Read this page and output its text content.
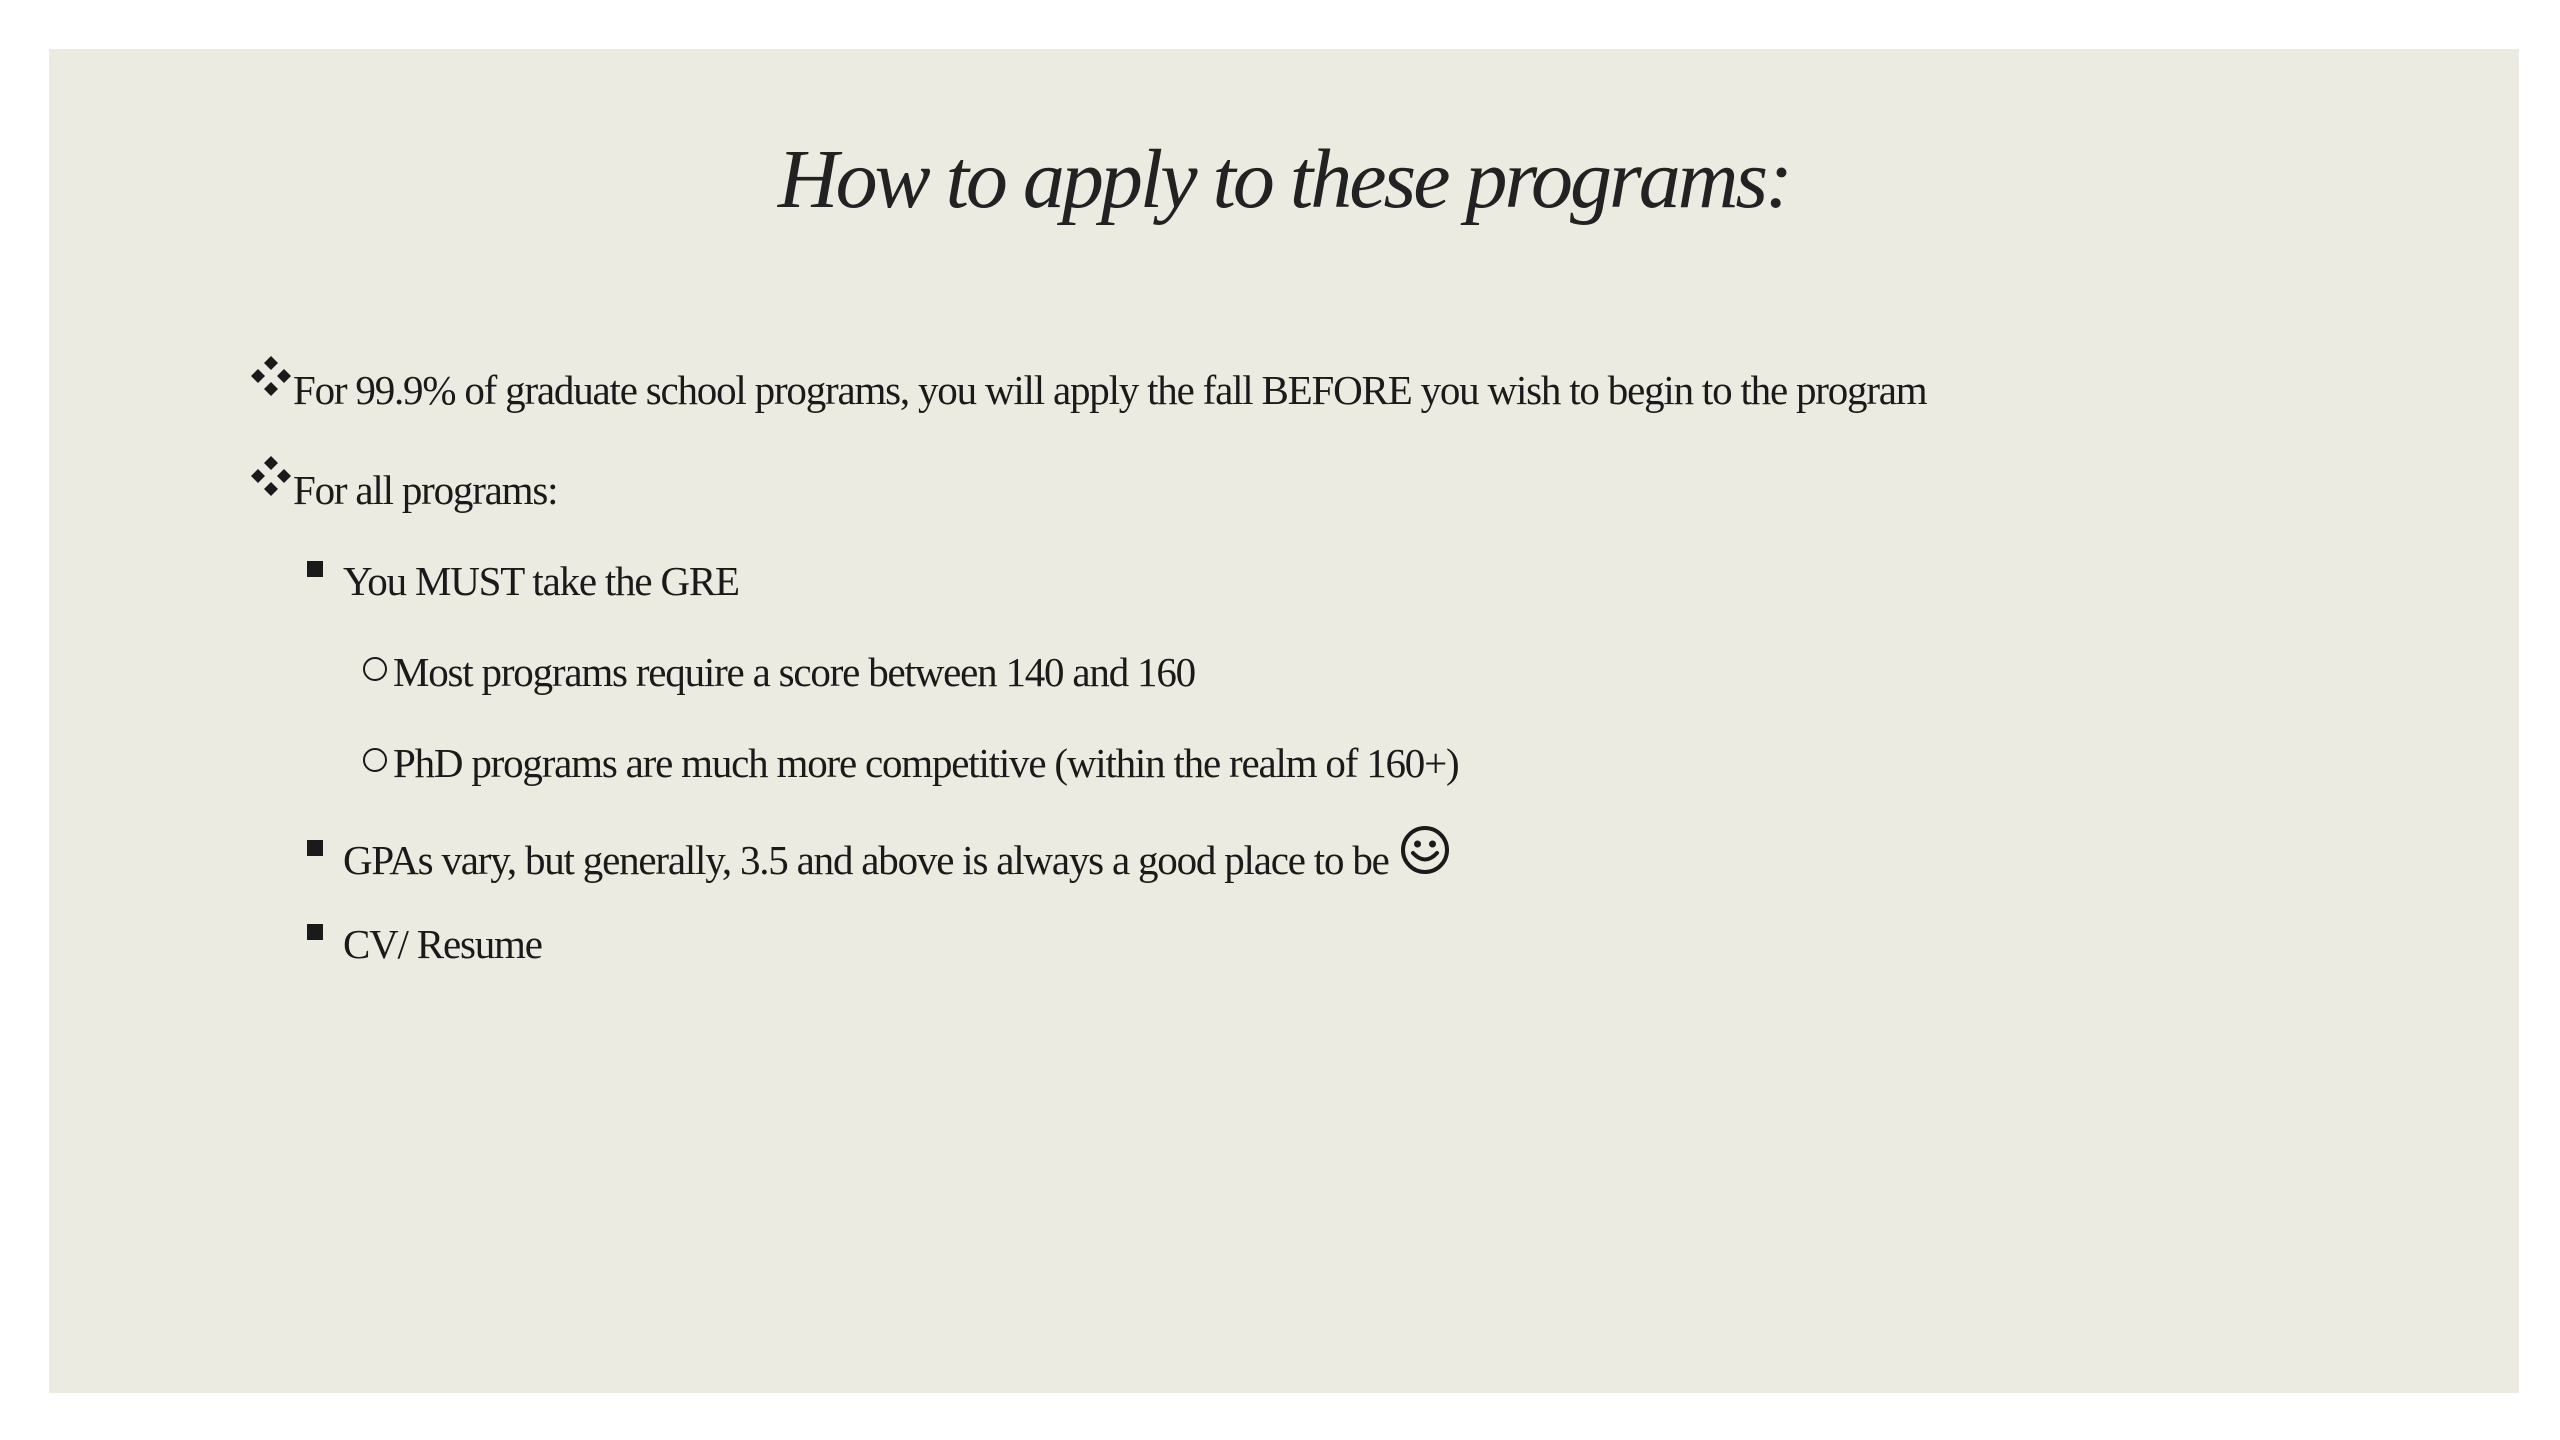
How to apply to these programs:
For 99.9% of graduate school programs, you will apply the fall BEFORE you wish to begin to the program
For all programs:
You MUST take the GRE
Most programs require a score between 140 and 160
PhD programs are much more competitive (within the realm of 160+)
GPAs vary, but generally, 3.5 and above is always a good place to be
CV/ Resume
